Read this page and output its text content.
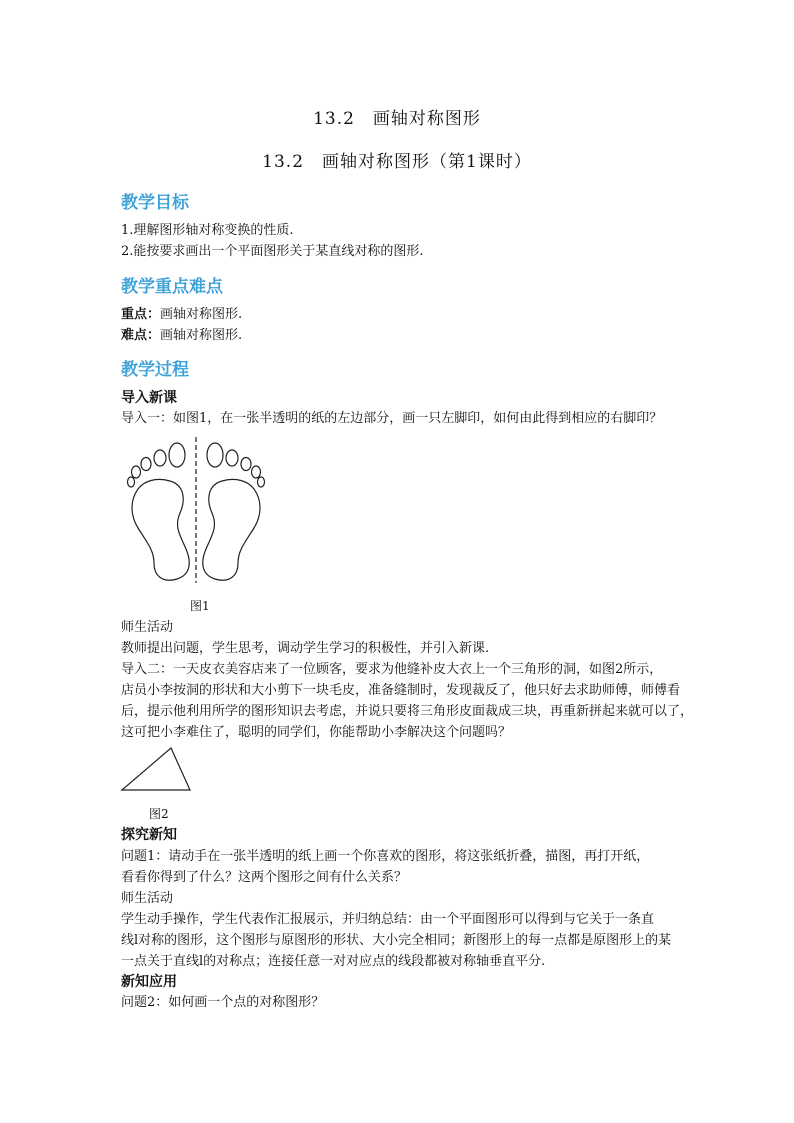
13.2　画轴对称图形
13.2　画轴对称图形（第1课时）
教学目标
1.理解图形轴对称变换的性质.
2.能按要求画出一个平面图形关于某直线对称的图形.
教学重点难点
重点：画轴对称图形.
难点：画轴对称图形.
教学过程
导入新课
导入一：如图1，在一张半透明的纸的左边部分，画一只左脚印，如何由此得到相应的右脚印？
图1
师生活动
教师提出问题，学生思考，调动学生学习的积极性，并引入新课.
导入二：一天皮衣美容店来了一位顾客，要求为他缝补皮大衣上一个三角形的洞，如图2所示，
店员小李按洞的形状和大小剪下一块毛皮，准备缝制时，发现裁反了，他只好去求助师傅，师傅看
后，提示他利用所学的图形知识去考虑，并说只要将三角形皮面裁成三块，再重新拼起来就可以了，
这可把小李难住了，聪明的同学们，你能帮助小李解决这个问题吗？
图2
探究新知
问题1：请动手在一张半透明的纸上画一个你喜欢的图形，将这张纸折叠，描图，再打开纸，
看看你得到了什么？这两个图形之间有什么关系？
师生活动
学生动手操作，学生代表作汇报展示，并归纳总结：由一个平面图形可以得到与它关于一条直
线l对称的图形，这个图形与原图形的形状、大小完全相同；新图形上的每一点都是原图形上的某
一点关于直线l的对称点；连接任意一对对应点的线段都被对称轴垂直平分.
新知应用
问题2：如何画一个点的对称图形？
